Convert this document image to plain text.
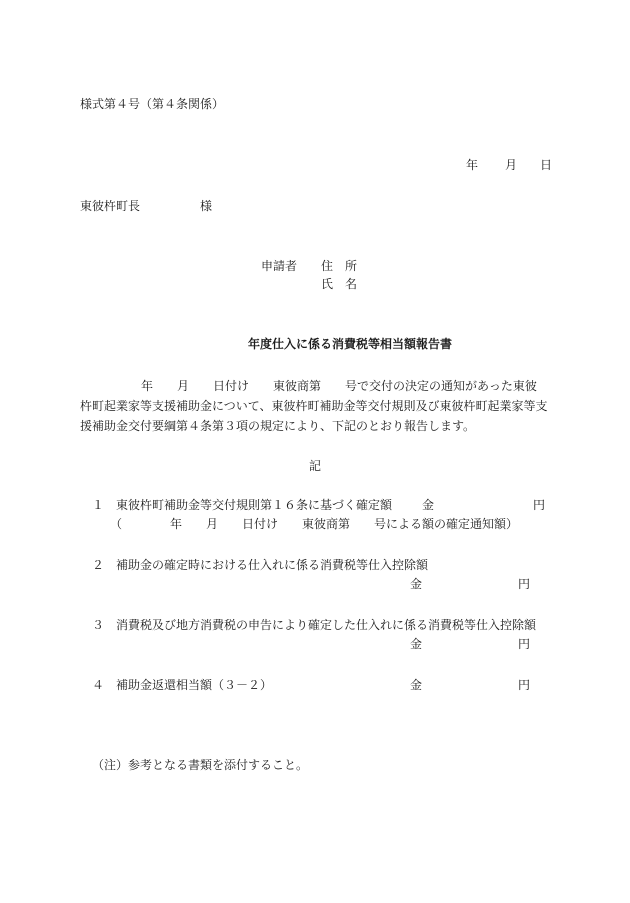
様式第４号（第４条関係）
年 月 日
東彼杵町長	様
申請者 住　所
氏　名
年度仕入に係る消費税等相当額報告書
年　　月　　日付け　　東彼商第　　号で交付の決定の通知があった東彼
杵町起業家等支援補助金について、東彼杵町補助金等交付規則及び東彼杵町起業家等支
援補助金交付要綱第４条第３項の規定により、下記のとおり報告します。
記
１ 東彼杵町補助金等交付規則第１６条に基づく確定額 金	円
（　　　　年　　月　　日付け　　東彼商第　　号による額の確定通知額）
２ 補助金の確定時における仕入れに係る消費税等仕入控除額
金	円
３ 消費税及び地方消費税の申告により確定した仕入れに係る消費税等仕入控除額
金	円
４ 補助金返還相当額（３－２）	金	円
（注）参考となる書類を添付すること。
